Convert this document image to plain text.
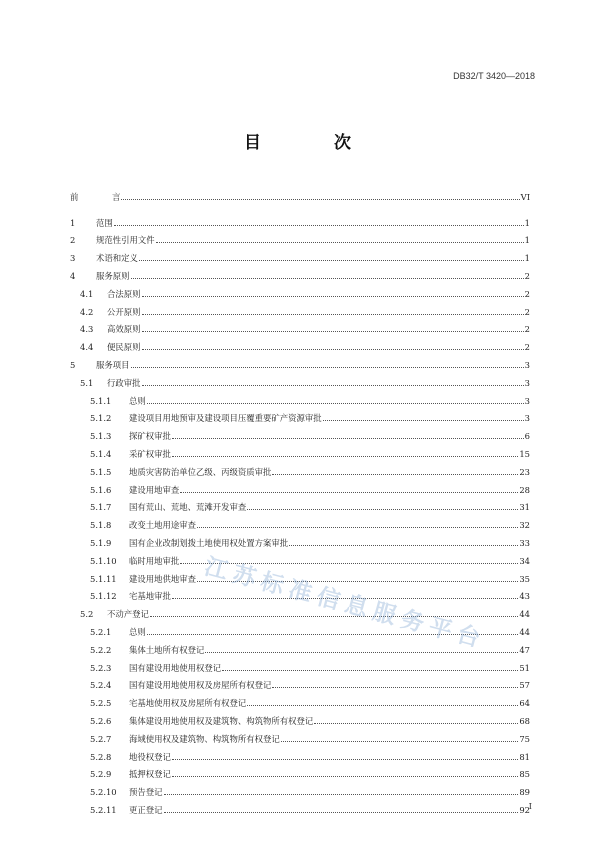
DB32/T 3420—2018
目　次
前	言	VI
1	范围	1
2	规范性引用文件	1
3	术语和定义	1
4	服务原则	2
4.1	合法原则	2
4.2	公开原则	2
4.3	高效原则	2
4.4	便民原则	2
5	服务项目	3
5.1	行政审批	3
5.1.1	总则	3
5.1.2	建设项目用地预审及建设项目压覆重要矿产资源审批	3
5.1.3	探矿权审批	6
5.1.4	采矿权审批	15
5.1.5	地质灾害防治单位乙级、丙级资质审批	23
5.1.6	建设用地审查	28
5.1.7	国有荒山、荒地、荒滩开发审查	31
5.1.8	改变土地用途审查	32
5.1.9	国有企业改制划拨土地使用权处置方案审批	33
5.1.10	临时用地审批	34
5.1.11	建设用地供地审查	35
5.1.12	宅基地审批	43
5.2	不动产登记	44
5.2.1	总则	44
5.2.2	集体土地所有权登记	47
5.2.3	国有建设用地使用权登记	51
5.2.4	国有建设用地使用权及房屋所有权登记	57
5.2.5	宅基地使用权及房屋所有权登记	64
5.2.6	集体建设用地使用权及建筑物、构筑物所有权登记	68
5.2.7	海域使用权及建筑物、构筑物所有权登记	75
5.2.8	地役权登记	81
5.2.9	抵押权登记	85
5.2.10	预告登记	89
5.2.11	更正登记	92
江苏标准信息服务平台
I
